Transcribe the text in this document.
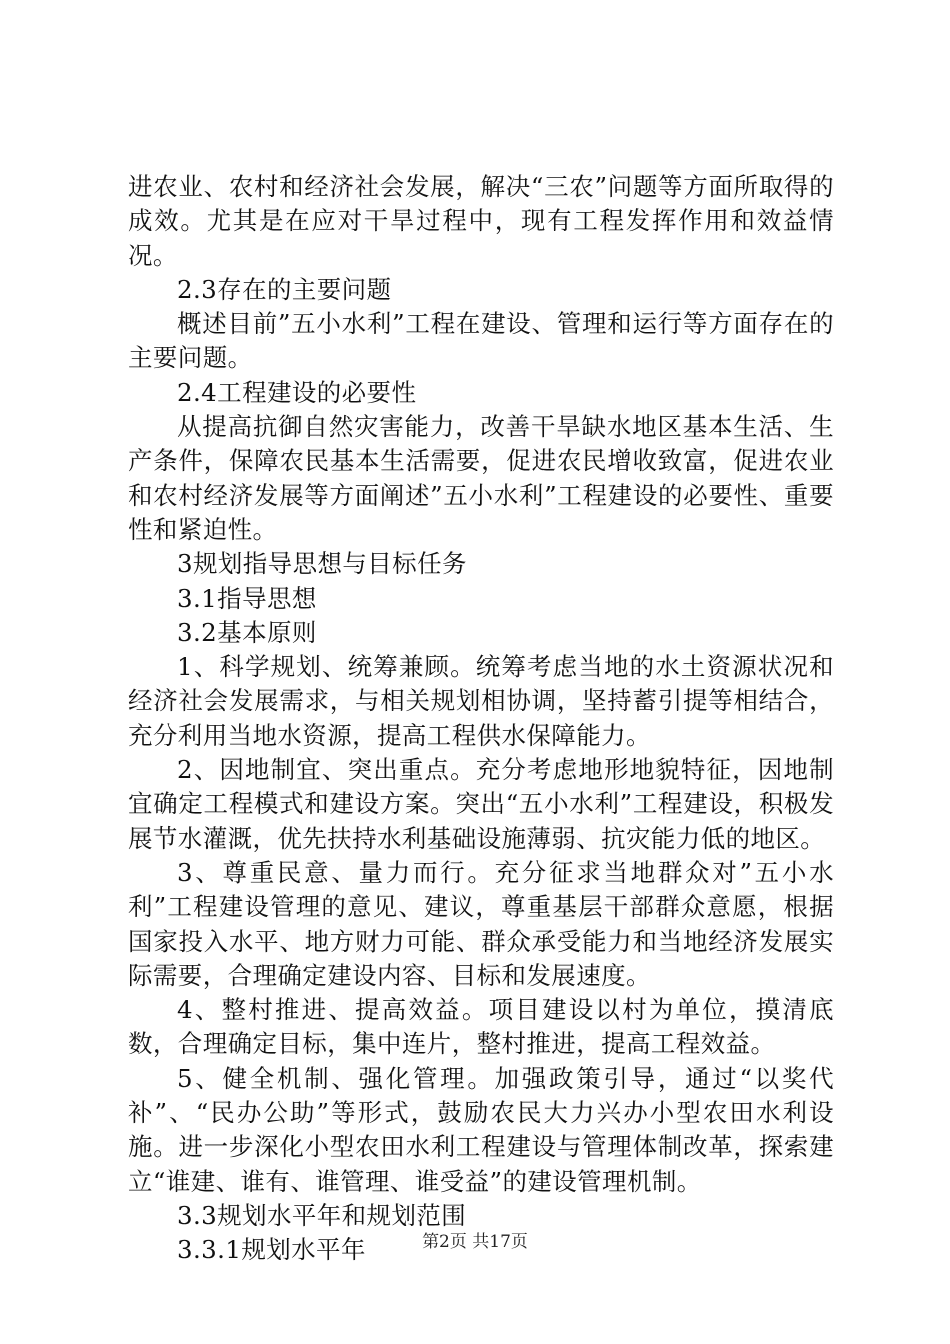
进农业、农村和经济社会发展，解决“三农”问题等方面所取得的成效。尤其是在应对干旱过程中，现有工程发挥作用和效益情况。

2.3存在的主要问题

概述目前”五小水利”工程在建设、管理和运行等方面存在的主要问题。

2.4工程建设的必要性

从提高抗御自然灾害能力，改善干旱缺水地区基本生活、生产条件，保障农民基本生活需要，促进农民增收致富，促进农业和农村经济发展等方面阐述”五小水利”工程建设的必要性、重要性和紧迫性。

3规划指导思想与目标任务

3.1指导思想

3.2基本原则

1、科学规划、统筹兼顾。统筹考虑当地的水土资源状况和经济社会发展需求，与相关规划相协调，坚持蓄引提等相结合，充分利用当地水资源，提高工程供水保障能力。

2、因地制宜、突出重点。充分考虑地形地貌特征，因地制宜确定工程模式和建设方案。突出“五小水利”工程建设，积极发展节水灌溉，优先扶持水利基础设施薄弱、抗灾能力低的地区。

3、尊重民意、量力而行。充分征求当地群众对”五小水利”工程建设管理的意见、建议，尊重基层干部群众意愿，根据国家投入水平、地方财力可能、群众承受能力和当地经济发展实际需要，合理确定建设内容、目标和发展速度。

4、整村推进、提高效益。项目建设以村为单位，摸清底数，合理确定目标，集中连片，整村推进，提高工程效益。

5、健全机制、强化管理。加强政策引导，通过“以奖代补”、“民办公助”等形式，鼓励农民大力兴办小型农田水利设施。进一步深化小型农田水利工程建设与管理体制改革，探索建立“谁建、谁有、谁管理、谁受益”的建设管理机制。

3.3规划水平年和规划范围

3.3.1规划水平年	第2页 共17页
